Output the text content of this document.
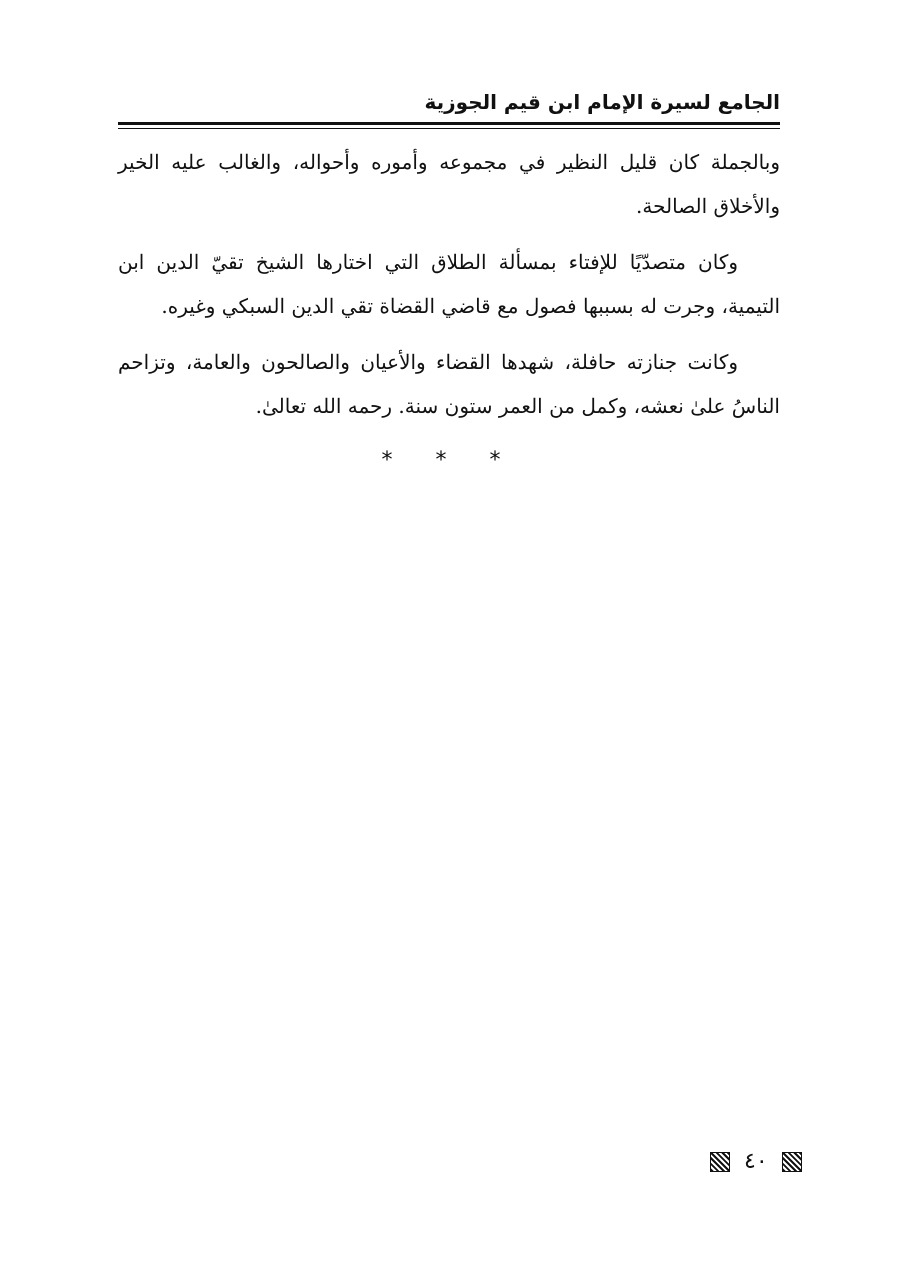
الجامع لسيرة الإمام ابن قيم الجوزية

وبالجملة كان قليل النظير في مجموعه وأموره وأحواله، والغالب عليه الخير والأخلاق الصالحة.

وكان متصدّيًا للإفتاء بمسألة الطلاق التي اختارها الشيخ تقيّ الدين ابن التيمية، وجرت له بسببها فصول مع قاضي القضاة تقي الدين السبكي وغيره.

وكانت جنازته حافلة، شهدها القضاء والأعيان والصالحون والعامة، وتزاحم الناسُ علىٰ نعشه، وكمل من العمر ستون سنة. رحمه الله تعالىٰ.

* * *
٤٠
